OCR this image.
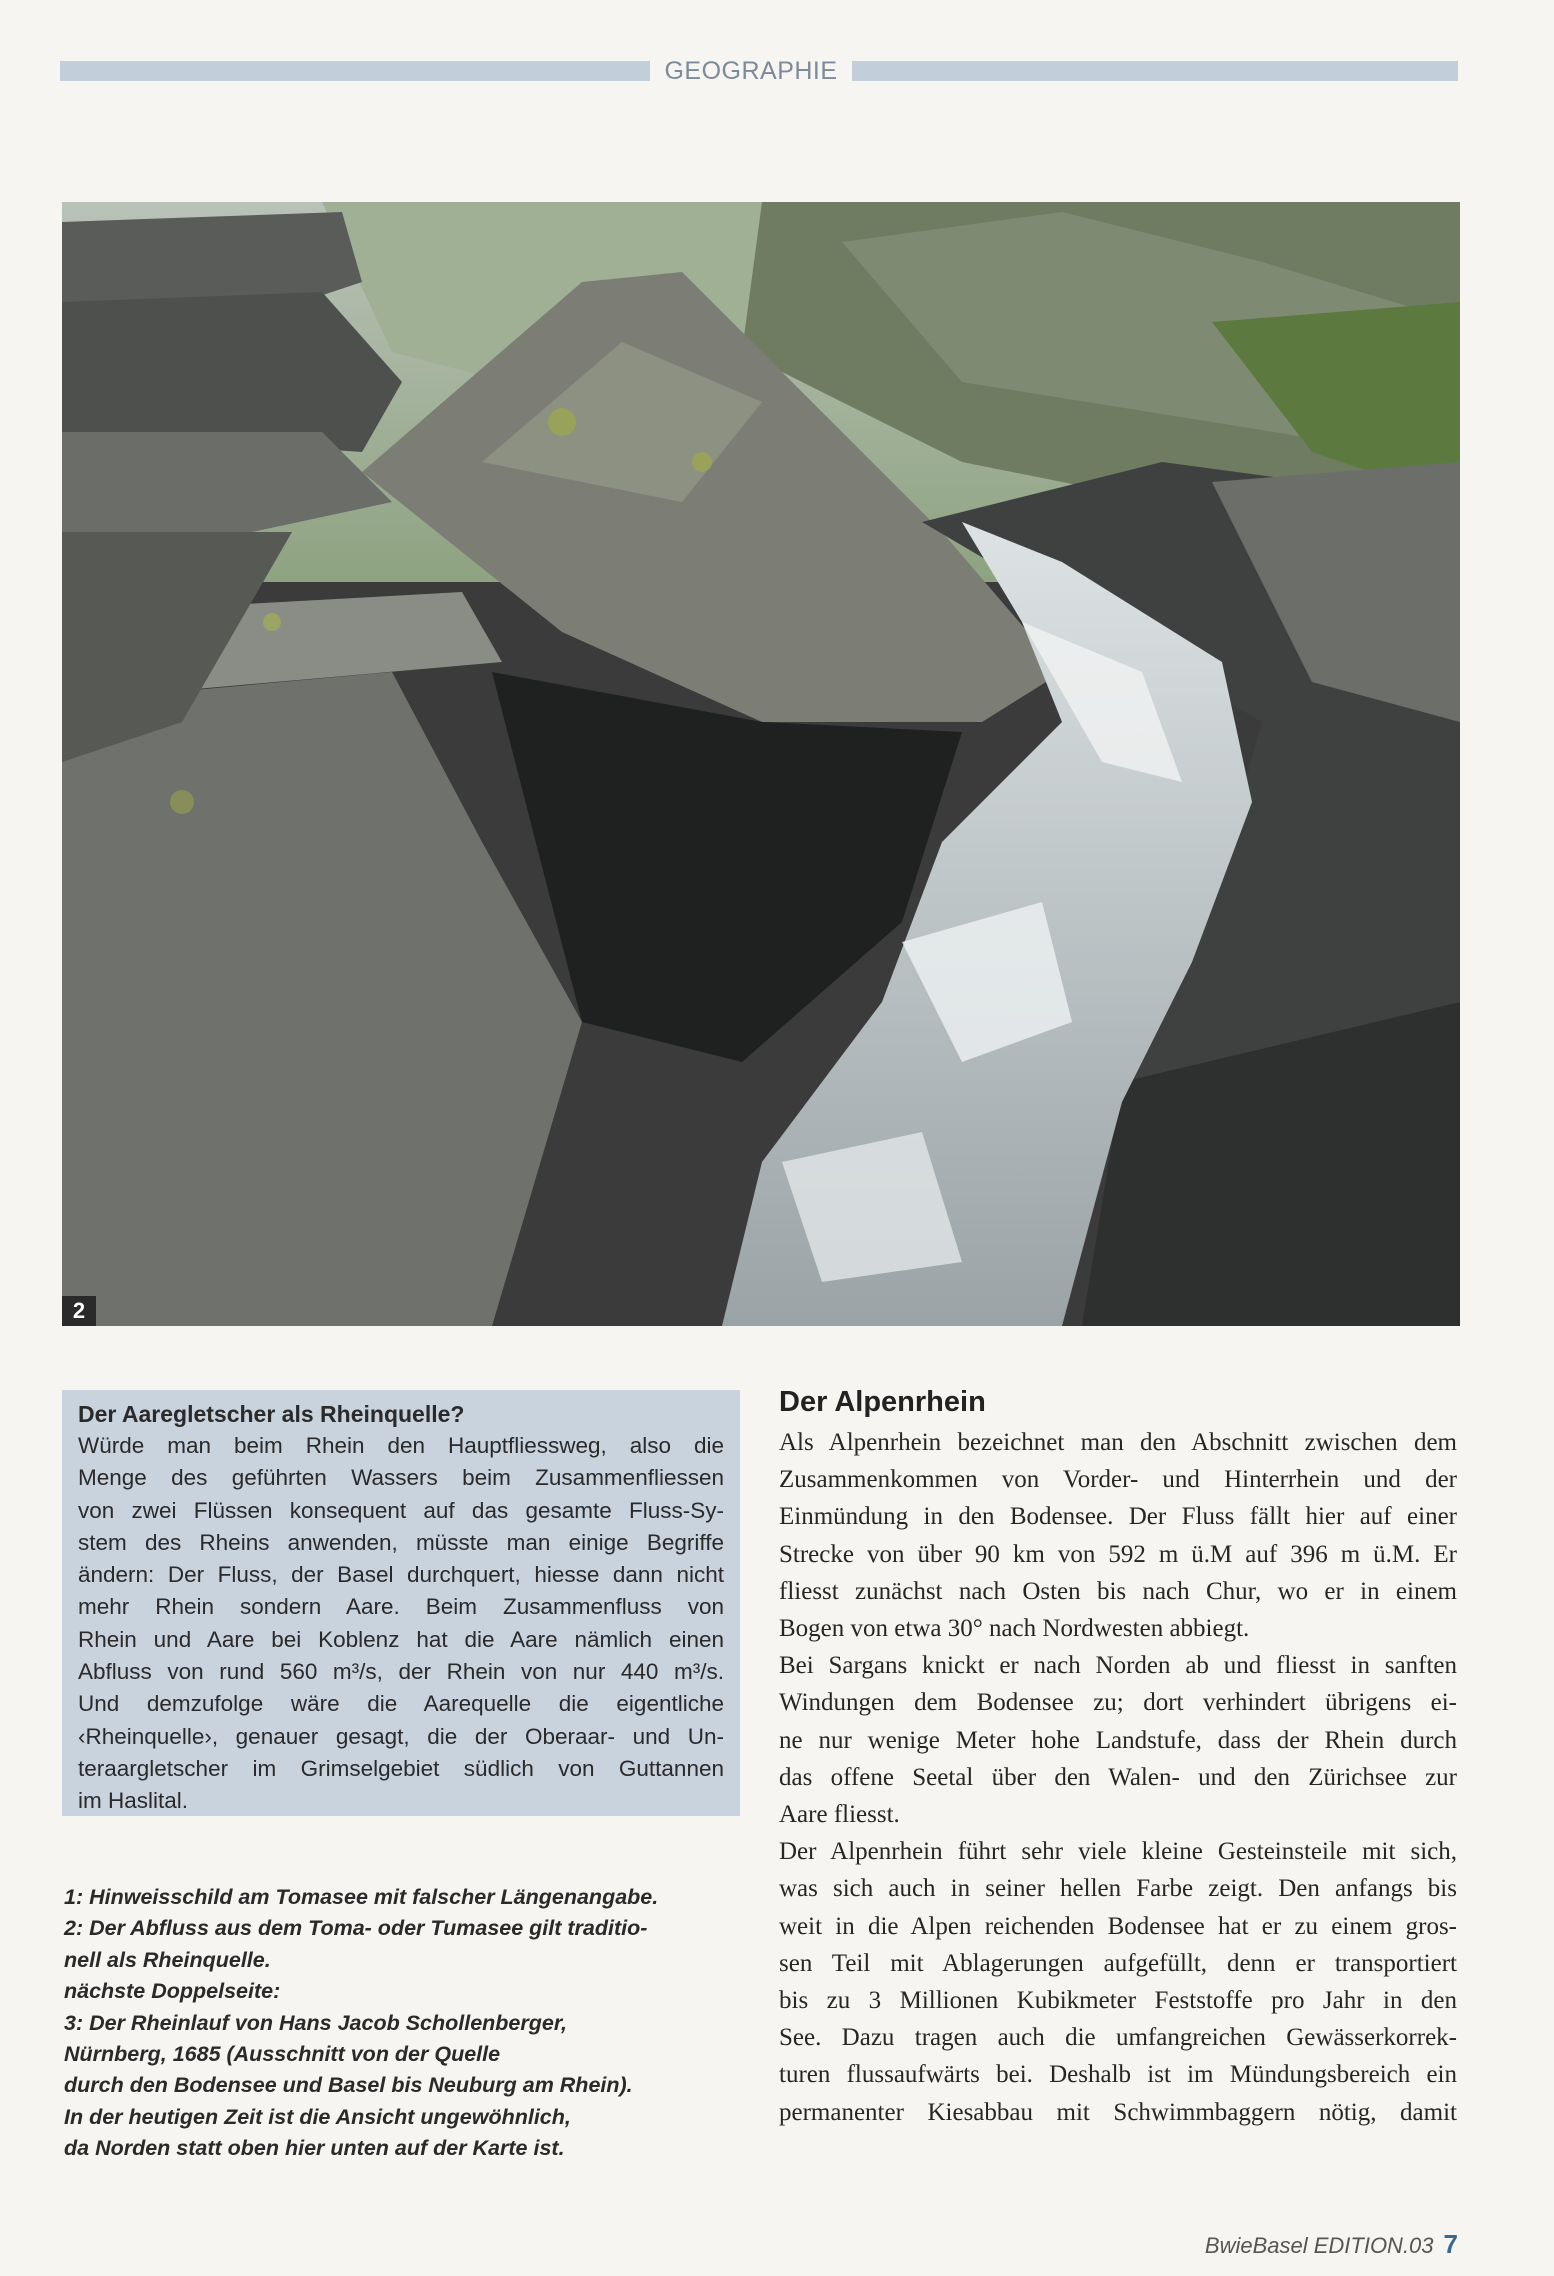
GEOGRAPHIE
2

Der Aaregletscher als Rheinquelle?

Würde man beim Rhein den Hauptfliessweg, also die

Menge des geführten Wassers beim Zusammenfliessen

von zwei Flüssen konsequent auf das gesamte Fluss-Sy-

stem des Rheins anwenden, müsste man einige Begriffe

ändern: Der Fluss, der Basel durchquert, hiesse dann nicht

mehr Rhein sondern Aare. Beim Zusammenfluss von

Rhein und Aare bei Koblenz hat die Aare nämlich einen

Abfluss von rund 560 m³/s, der Rhein von nur 440 m³/s.

Und demzufolge wäre die Aarequelle die eigentliche

‹Rheinquelle›, genauer gesagt, die der Oberaar- und Un-

teraargletscher im Grimselgebiet südlich von Guttannen

im Haslital.

1: Hinweisschild am Tomasee mit falscher Längenangabe.

2: Der Abfluss aus dem Toma- oder Tumasee gilt traditio-

nell als Rheinquelle.

nächste Doppelseite:

3: Der Rheinlauf von Hans Jacob Schollenberger,

Nürnberg, 1685 (Ausschnitt von der Quelle

durch den Bodensee und Basel bis Neuburg am Rhein).

In der heutigen Zeit ist die Ansicht ungewöhnlich,

da Norden statt oben hier unten auf der Karte ist.

Der Alpenrhein

Als Alpenrhein bezeichnet man den Abschnitt zwischen dem

Zusammenkommen von Vorder- und Hinterrhein und der

Einmündung in den Bodensee. Der Fluss fällt hier auf einer

Strecke von über 90 km von 592 m ü.M auf 396 m ü.M. Er

fliesst zunächst nach Osten bis nach Chur, wo er in einem

Bogen von etwa 30° nach Nordwesten abbiegt.

Bei Sargans knickt er nach Norden ab und fliesst in sanften

Windungen dem Bodensee zu; dort verhindert übrigens ei-

ne nur wenige Meter hohe Landstufe, dass der Rhein durch

das offene Seetal über den Walen- und den Zürichsee zur

Aare fliesst.

Der Alpenrhein führt sehr viele kleine Gesteinsteile mit sich,

was sich auch in seiner hellen Farbe zeigt. Den anfangs bis

weit in die Alpen reichenden Bodensee hat er zu einem gros-

sen Teil mit Ablagerungen aufgefüllt, denn er transportiert

bis zu 3 Millionen Kubikmeter Feststoffe pro Jahr in den

See. Dazu tragen auch die umfangreichen Gewässerkorrek-

turen flussaufwärts bei. Deshalb ist im Mündungsbereich ein

permanenter Kiesabbau mit Schwimmbaggern nötig, damit

BwieBasel EDITION.03 7
